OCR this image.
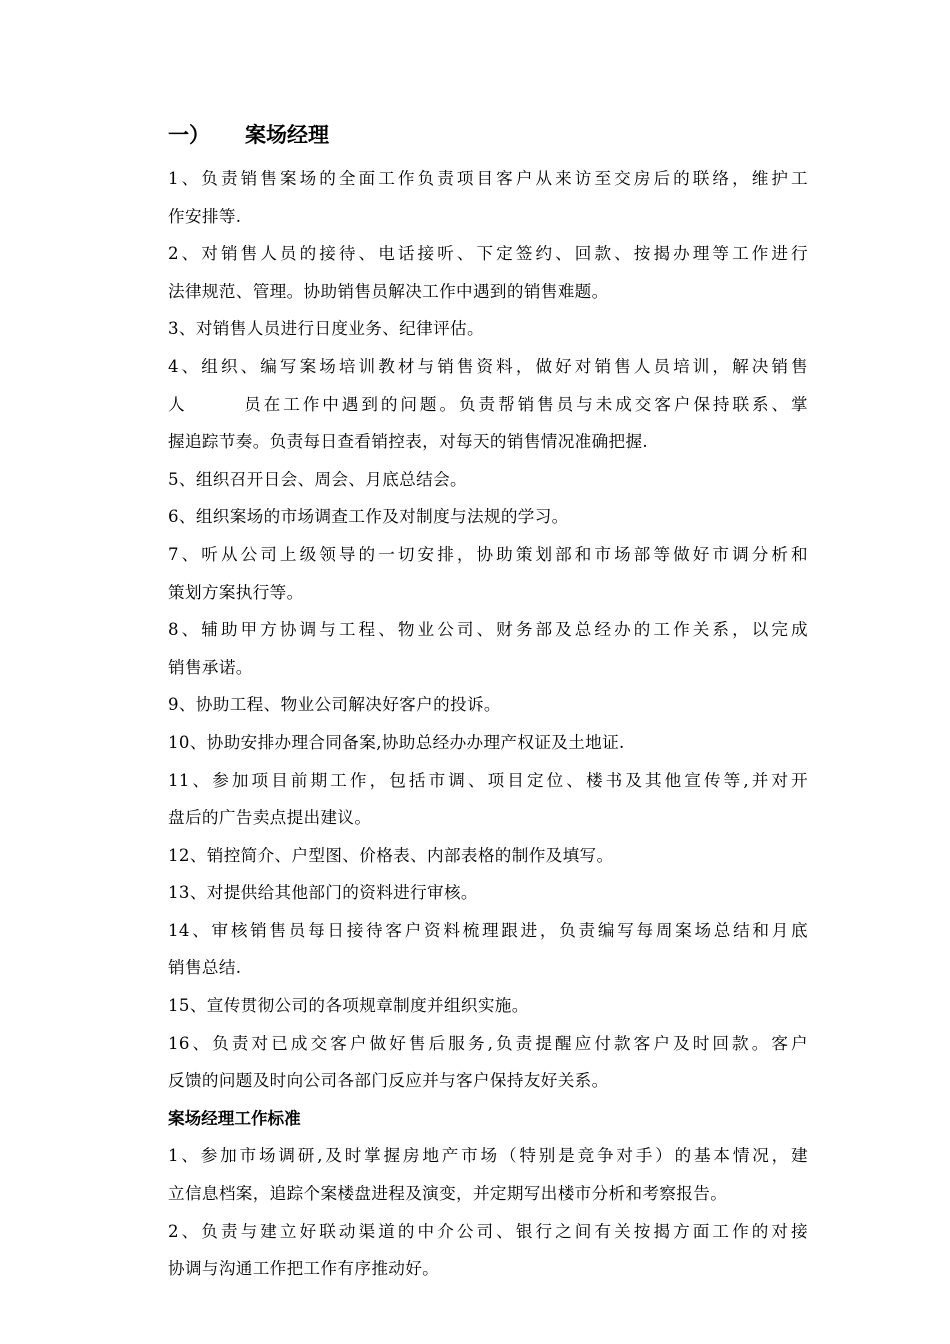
一） 案场经理
1、负责销售案场的全面工作负责项目客户从来访至交房后的联络，维护工
作安排等.
2、对销售人员的接待、电话接听、下定签约、回款、按揭办理等工作进行
法律规范、管理。协助销售员解决工作中遇到的销售难题。
3、对销售人员进行日度业务、纪律评估。
4、组织、编写案场培训教材与销售资料，做好对销售人员培训，解决销售
人	员在工作中遇到的问题。负责帮销售员与未成交客户保持联系、掌
握追踪节奏。负责每日查看销控表，对每天的销售情况准确把握.
5、组织召开日会、周会、月底总结会。
6、组织案场的市场调查工作及对制度与法规的学习。
7、听从公司上级领导的一切安排，协助策划部和市场部等做好市调分析和
策划方案执行等。
8、辅助甲方协调与工程、物业公司、财务部及总经办的工作关系，以完成
销售承诺。
9、协助工程、物业公司解决好客户的投诉。
10、协助安排办理合同备案,协助总经办办理产权证及土地证.
11、参加项目前期工作，包括市调、项目定位、楼书及其他宣传等,并对开
盘后的广告卖点提出建议。
12、销控简介、户型图、价格表、内部表格的制作及填写。
13、对提供给其他部门的资料进行审核。
14、审核销售员每日接待客户资料梳理跟进，负责编写每周案场总结和月底
销售总结.
15、宣传贯彻公司的各项规章制度并组织实施。
16、负责对已成交客户做好售后服务,负责提醒应付款客户及时回款。客户
反馈的问题及时向公司各部门反应并与客户保持友好关系。
案场经理工作标准
1、参加市场调研,及时掌握房地产市场（特别是竞争对手）的基本情况，建
立信息档案，追踪个案楼盘进程及演变，并定期写出楼市分析和考察报告。
2、负责与建立好联动渠道的中介公司、银行之间有关按揭方面工作的对接
协调与沟通工作把工作有序推动好。
